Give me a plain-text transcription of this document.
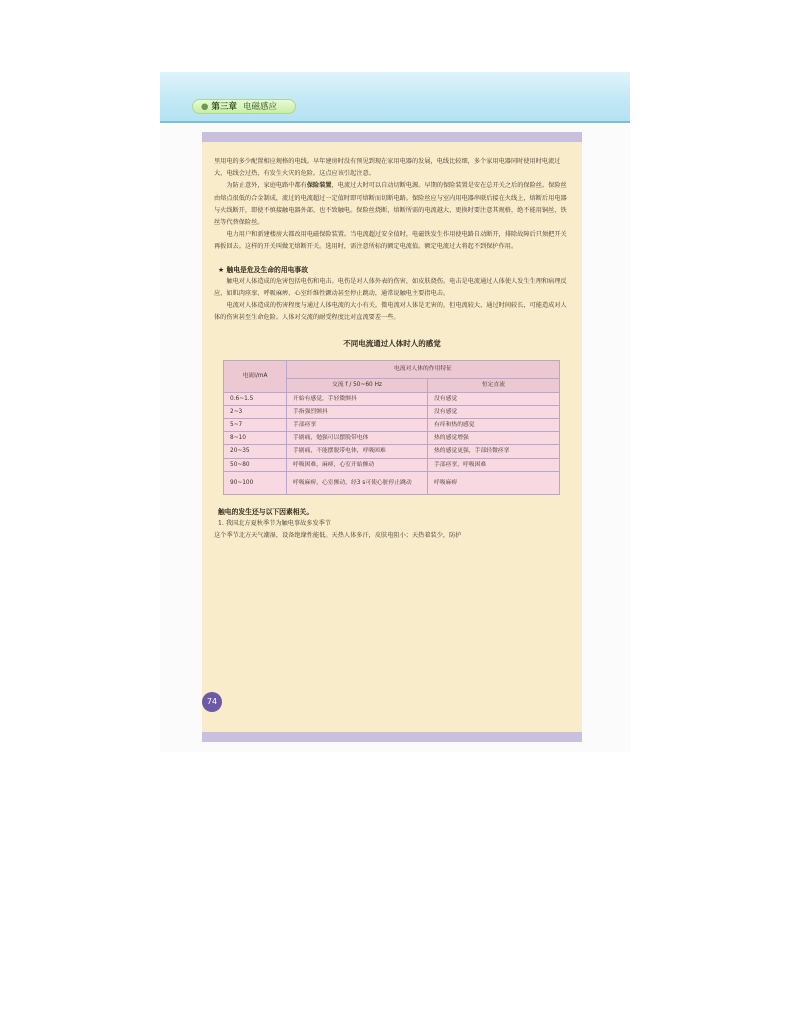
● 第三章 电磁感应

里用电的多少配置相应规格的电线。早年建房时没有预见到现在家用电器的发展，电线比较细，多个家用电器同时使用时电流过大，电线会过热，有发生火灾的危险。这点应该引起注意。

为防止意外，家庭电路中都有保险装置，电流过大时可以自动切断电源。早期的保险装置是安在总开关之后的保险丝。保险丝由熔点很低的合金制成，流过的电流超过一定值时即可熔断而切断电路。保险丝应与室内用电器串联后接在火线上，熔断后用电器与火线断开，即使不慎接触电器外部，也不致触电。保险丝烧断，熔断所需的电流越大，更换时要注意其规格，绝不能用铜丝、铁丝等代替保险丝。

电力用户和新建楼房大都改用电磁保险装置。当电流超过安全值时，电磁铁发生作用使电路自动断开，排除故障后只须把开关再扳回去。这样的开关叫做无熔断开关。选用时，需注意所标的额定电流值。额定电流过大将起不到保护作用。

★ 触电是危及生命的用电事故

触电对人体造成的危害包括电伤和电击。电伤是对人体外表的伤害，如皮肤烧伤。电击是电流通过人体使人发生生理和病理反应，如肌肉痉挛、呼吸麻痹、心室纤维性颤动甚至停止跳动，通常说触电主要指电击。

电流对人体造成的伤害程度与通过人体电流的大小有关。微电流对人体是无害的，但电流较大、通过时间较长，可能造成对人体的伤害甚至生命危险。人体对交流的耐受程度比对直流要差一些。

不同电流通过人体时人的感觉
电流I/mA	电流对人体的作用特征	
	交流 f / 50~60 Hz	恒定直流
0.6~1.5	开始有感觉，手轻微颤抖	没有感觉
2~3	手指强烈颤抖	没有感觉
5~7	手部痉挛	有痒和热的感觉
8~10	手剧痛，勉强可以摆脱带电体	热的感觉增强
20~35	手剧痛，不能摆脱带电体，呼吸困难	热的感觉更强，手部轻微痉挛
50~80	呼吸困难，麻痹，心室开始颤动	手部痉挛，呼吸困难
90~100	呼吸麻痹，心室颤动，经3 s可使心脏停止跳动	呼吸麻痹
触电的发生还与以下因素相关。
1. 我国北方夏秋季节为触电事故多发季节
这个季节北方天气潮湿，设备绝缘性能低。天热人体多汗，皮肤电阻小；天热着装少，防护
74
